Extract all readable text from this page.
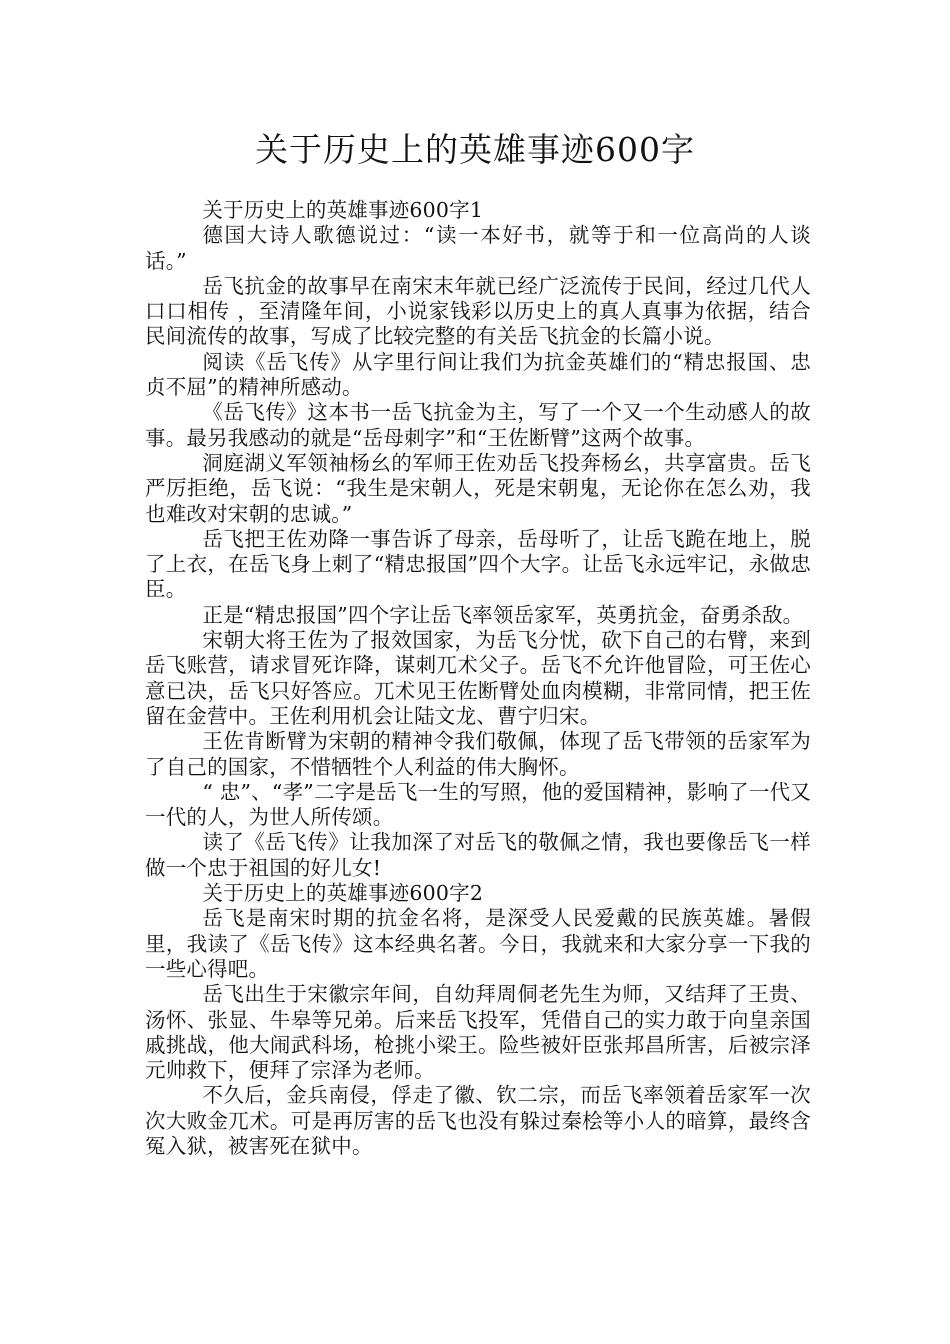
关于历史上的英雄事迹600字

关于历史上的英雄事迹600字1

德国大诗人歌德说过：“读一本好书，就等于和一位高尚的人谈话。”

岳飞抗金的故事早在南宋末年就已经广泛流传于民间，经过几代人口口相传 ，至清隆年间，小说家钱彩以历史上的真人真事为依据，结合民间流传的故事，写成了比较完整的有关岳飞抗金的长篇小说。

阅读《岳飞传》从字里行间让我们为抗金英雄们的“精忠报国、忠贞不屈”的精神所感动。

《岳飞传》这本书一岳飞抗金为主，写了一个又一个生动感人的故事。最另我感动的就是“岳母刺字”和“王佐断臂”这两个故事。

洞庭湖义军领袖杨幺的军师王佐劝岳飞投奔杨幺，共享富贵。岳飞严厉拒绝，岳飞说：“我生是宋朝人，死是宋朝鬼，无论你在怎么劝，我也难改对宋朝的忠诚。”

岳飞把王佐劝降一事告诉了母亲，岳母听了，让岳飞跪在地上，脱了上衣，在岳飞身上刺了“精忠报国”四个大字。让岳飞永远牢记，永做忠臣。

正是“精忠报国”四个字让岳飞率领岳家军，英勇抗金，奋勇杀敌。

宋朝大将王佐为了报效国家，为岳飞分忧，砍下自己的右臂，来到岳飞账营，请求冒死诈降，谋刺兀术父子。岳飞不允许他冒险，可王佐心意已决，岳飞只好答应。兀术见王佐断臂处血肉模糊，非常同情，把王佐留在金营中。王佐利用机会让陆文龙、曹宁归宋。

王佐肯断臂为宋朝的精神令我们敬佩，体现了岳飞带领的岳家军为了自己的国家，不惜牺牲个人利益的伟大胸怀。

“ 忠”、“孝”二字是岳飞一生的写照，他的爱国精神，影响了一代又一代的人，为世人所传颂。

读了《岳飞传》让我加深了对岳飞的敬佩之情，我也要像岳飞一样做一个忠于祖国的好儿女!

关于历史上的英雄事迹600字2

岳飞是南宋时期的抗金名将，是深受人民爱戴的民族英雄。暑假里，我读了《岳飞传》这本经典名著。今日，我就来和大家分享一下我的一些心得吧。

岳飞出生于宋徽宗年间，自幼拜周侗老先生为师，又结拜了王贵、汤怀、张显、牛皋等兄弟。后来岳飞投军，凭借自己的实力敢于向皇亲国戚挑战，他大闹武科场，枪挑小梁王。险些被奸臣张邦昌所害，后被宗泽元帅救下，便拜了宗泽为老师。

不久后，金兵南侵，俘走了徽、钦二宗，而岳飞率领着岳家军一次次大败金兀术。可是再厉害的岳飞也没有躲过秦桧等小人的暗算，最终含冤入狱，被害死在狱中。
